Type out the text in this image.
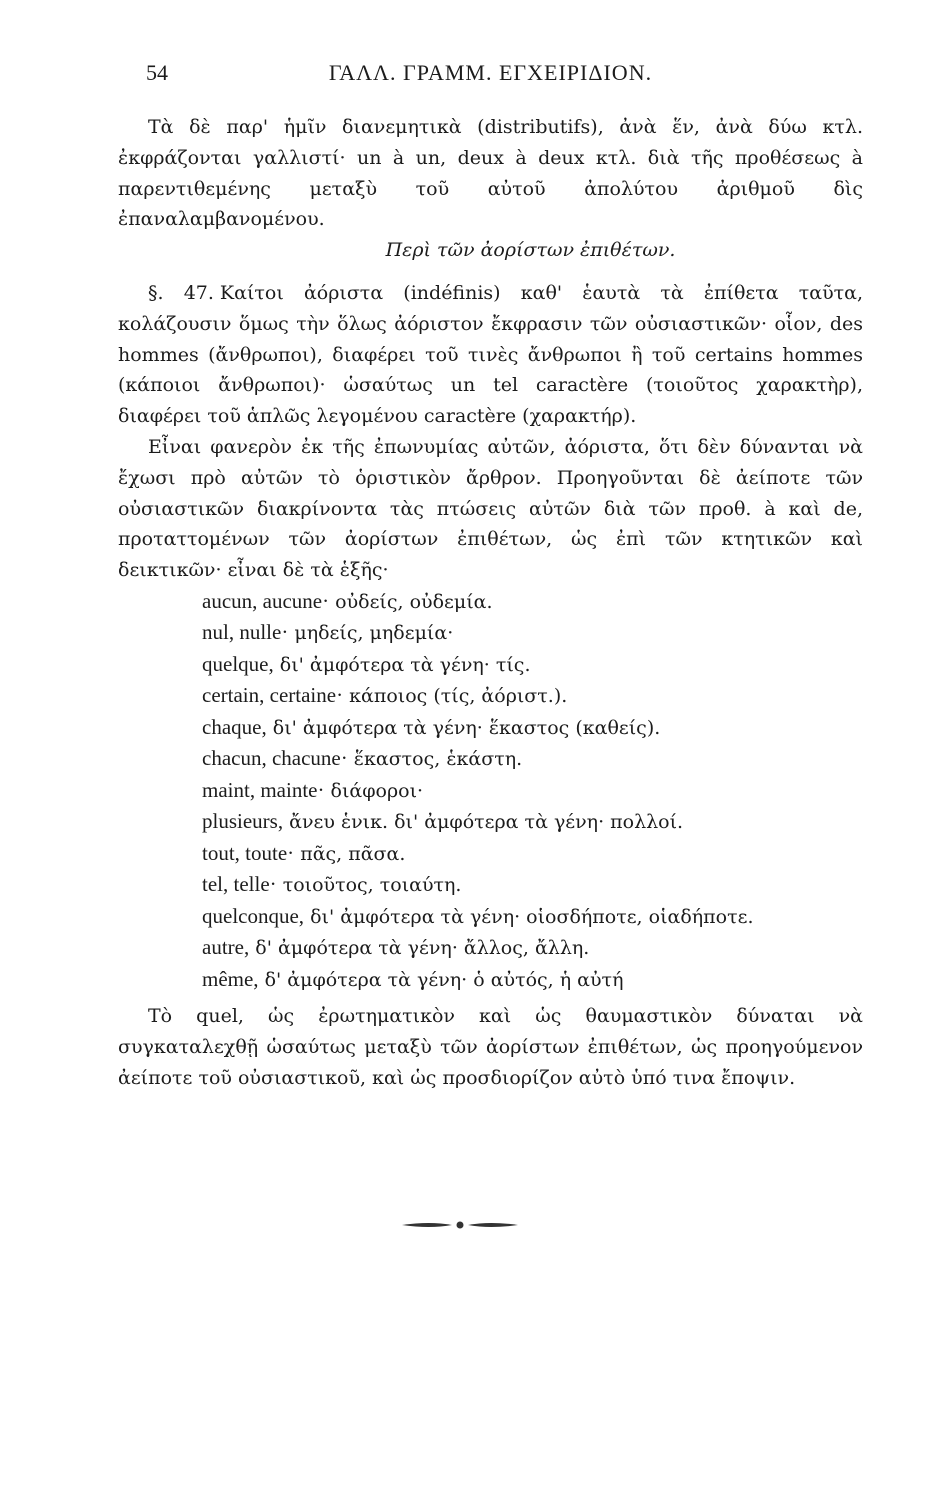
54	ΓΑΛΛ. ΓΡΑΜΜ. ΕΓΧΕΙΡΙΔΙΟΝ.

Τὰ δὲ παρ' ἡμῖν διανεμητικὰ (distributifs), ἀνὰ ἕν, ἀνὰ δύω κτλ. ἐκφράζονται γαλλιστί· un à un, deux à deux κτλ. διὰ τῆς προθέσεως à παρεντιθεμένης μεταξὺ τοῦ αὐτοῦ ἀπολύτου ἀριθμοῦ δὶς ἐπαναλαμβανομένου.

Περὶ τῶν ἀορίστων ἐπιθέτων.

§. 47. Καίτοι ἀόριστα (indéfinis) καθ' ἑαυτὰ τὰ ἐπίθετα ταῦτα, κολάζουσιν ὅμως τὴν ὅλως ἀόριστον ἔκφρασιν τῶν οὐσιαστικῶν· οἷον, des hommes (ἄνθρωποι), διαφέρει τοῦ τινὲς ἄνθρωποι ἢ τοῦ certains hommes (κάποιοι ἄνθρωποι)· ὡσαύτως un tel caractère (τοιοῦτος χαρακτὴρ), διαφέρει τοῦ ἁπλῶς λεγομένου caractère (χαρακτήρ).

Εἶναι φανερὸν ἐκ τῆς ἐπωνυμίας αὐτῶν, ἀόριστα, ὅτι δὲν δύνανται νὰ ἔχωσι πρὸ αὐτῶν τὸ ὁριστικὸν ἄρθρον. Προηγοῦνται δὲ ἀείποτε τῶν οὐσιαστικῶν διακρίνοντα τὰς πτώσεις αὐτῶν διὰ τῶν προθ. à καὶ de, προταττομένων τῶν ἀορίστων ἐπιθέτων, ὡς ἐπὶ τῶν κτητικῶν καὶ δεικτικῶν· εἶναι δὲ τὰ ἑξῆς·

aucun, aucune· οὐδείς, οὐδεμία.
nul, nulle· μηδείς, μηδεμία·
quelque, δι' ἀμφότερα τὰ γένη· τίς.
certain, certaine· κάποιος (τίς, ἀόριστ.).
chaque, δι' ἀμφότερα τὰ γένη· ἕκαστος (καθείς).
chacun, chacune· ἕκαστος, ἑκάστη.
maint, mainte· διάφοροι·
plusieurs, ἄνευ ἑνικ. δι' ἀμφότερα τὰ γένη· πολλοί.
tout, toute· πᾶς, πᾶσα.
tel, telle· τοιοῦτος, τοιαύτη.
quelconque, δι' ἀμφότερα τὰ γένη· οἱοσδήποτε, οἱαδήποτε.
autre, δ' ἀμφότερα τὰ γένη· ἄλλος, ἄλλη.
même, δ' ἀμφότερα τὰ γένη· ὁ αὐτός, ἡ αὐτή

Τὸ quel, ὡς ἐρωτηματικὸν καὶ ὡς θαυμαστικὸν δύναται νὰ συγκαταλεχθῇ ὡσαύτως μεταξὺ τῶν ἀορίστων ἐπιθέτων, ὡς προηγούμενον ἀείποτε τοῦ οὐσιαστικοῦ, καὶ ὡς προσδιορίζον αὐτὸ ὑπό τινα ἔποψιν.
